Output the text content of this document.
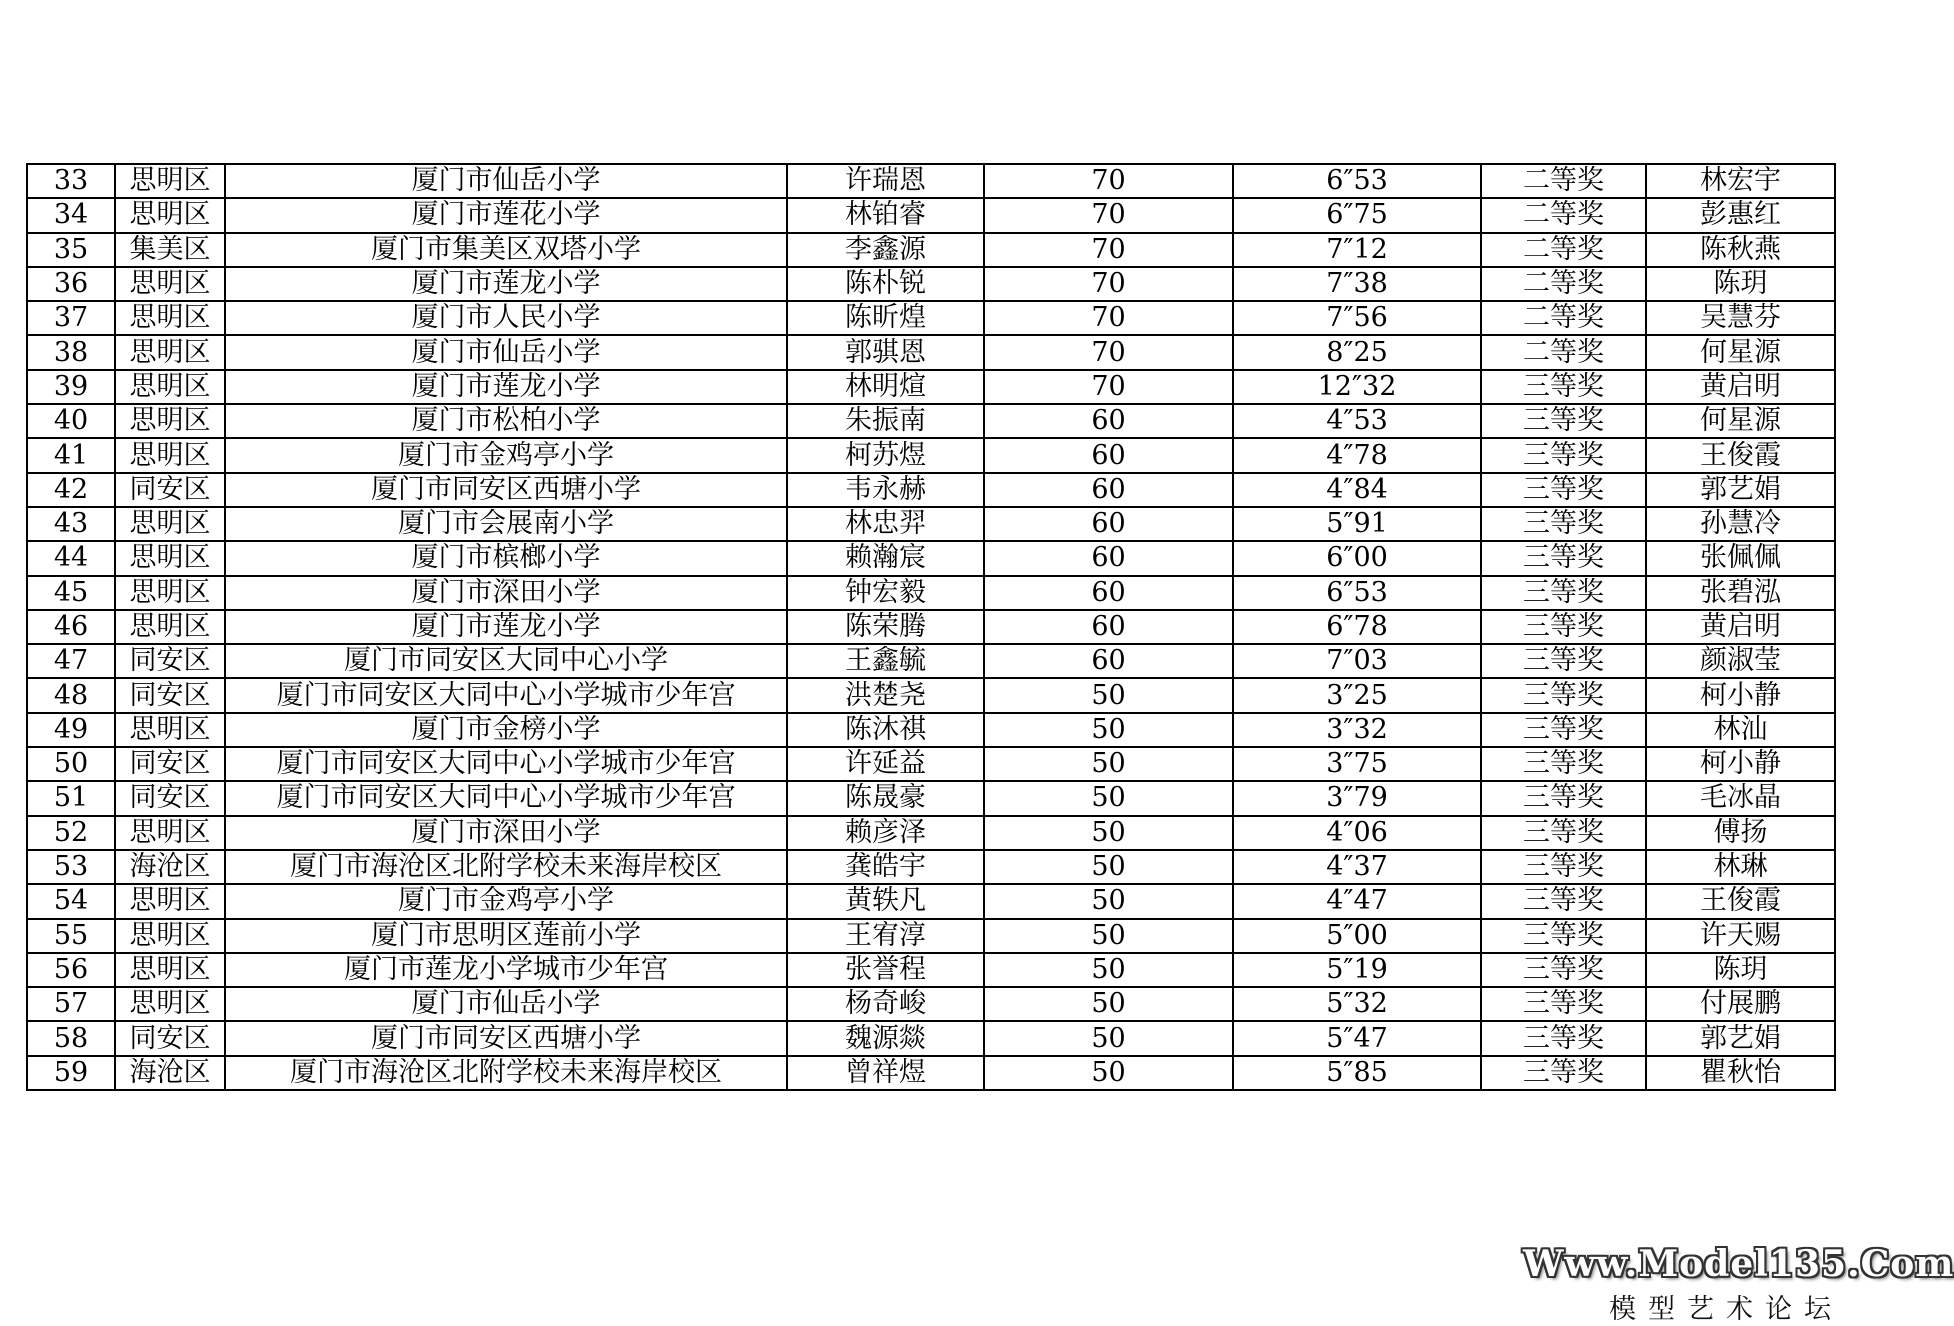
33	思明区	厦门市仙岳小学	许瑞恩	70	6″53	二等奖	林宏宇
34	思明区	厦门市莲花小学	林铂睿	70	6″75	二等奖	彭惠红
35	集美区	厦门市集美区双塔小学	李鑫源	70	7″12	二等奖	陈秋燕
36	思明区	厦门市莲龙小学	陈朴锐	70	7″38	二等奖	陈玥
37	思明区	厦门市人民小学	陈昕煌	70	7″56	二等奖	吴慧芬
38	思明区	厦门市仙岳小学	郭骐恩	70	8″25	二等奖	何星源
39	思明区	厦门市莲龙小学	林明煊	70	12″32	三等奖	黄启明
40	思明区	厦门市松柏小学	朱振南	60	4″53	三等奖	何星源
41	思明区	厦门市金鸡亭小学	柯苏煜	60	4″78	三等奖	王俊霞
42	同安区	厦门市同安区西塘小学	韦永赫	60	4″84	三等奖	郭艺娟
43	思明区	厦门市会展南小学	林忠羿	60	5″91	三等奖	孙慧冷
44	思明区	厦门市槟榔小学	赖瀚宸	60	6″00	三等奖	张佩佩
45	思明区	厦门市深田小学	钟宏毅	60	6″53	三等奖	张碧泓
46	思明区	厦门市莲龙小学	陈荣腾	60	6″78	三等奖	黄启明
47	同安区	厦门市同安区大同中心小学	王鑫毓	60	7″03	三等奖	颜淑莹
48	同安区	厦门市同安区大同中心小学城市少年宫	洪楚尧	50	3″25	三等奖	柯小静
49	思明区	厦门市金榜小学	陈沐祺	50	3″32	三等奖	林汕
50	同安区	厦门市同安区大同中心小学城市少年宫	许延益	50	3″75	三等奖	柯小静
51	同安区	厦门市同安区大同中心小学城市少年宫	陈晟豪	50	3″79	三等奖	毛冰晶
52	思明区	厦门市深田小学	赖彦泽	50	4″06	三等奖	傅扬
53	海沧区	厦门市海沧区北附学校未来海岸校区	龚皓宇	50	4″37	三等奖	林琳
54	思明区	厦门市金鸡亭小学	黄轶凡	50	4″47	三等奖	王俊霞
55	思明区	厦门市思明区莲前小学	王宥淳	50	5″00	三等奖	许天赐
56	思明区	厦门市莲龙小学城市少年宫	张誉程	50	5″19	三等奖	陈玥
57	思明区	厦门市仙岳小学	杨奇峻	50	5″32	三等奖	付展鹏
58	同安区	厦门市同安区西塘小学	魏源燚	50	5″47	三等奖	郭艺娟
59	海沧区	厦门市海沧区北附学校未来海岸校区	曾祥煜	50	5″85	三等奖	瞿秋怡
Www.Model135.Com
模型艺术论坛
